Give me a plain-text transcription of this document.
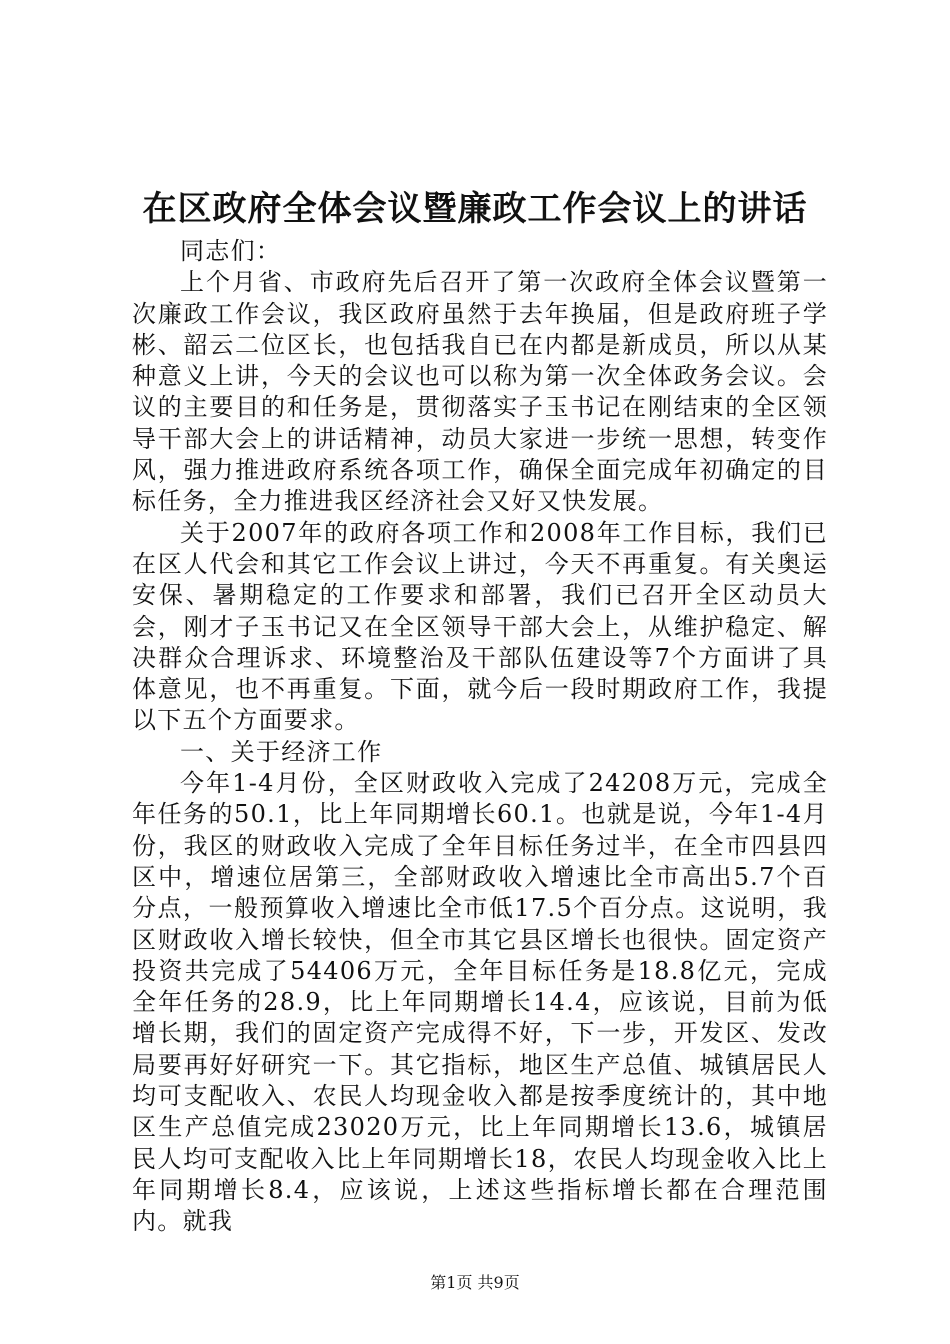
在区政府全体会议暨廉政工作会议上的讲话

同志们：

上个月省、市政府先后召开了第一次政府全体会议暨第一次廉政工作会议，我区政府虽然于去年换届，但是政府班子学彬、韶云二位区长，也包括我自已在内都是新成员，所以从某种意义上讲，今天的会议也可以称为第一次全体政务会议。会议的主要目的和任务是，贯彻落实子玉书记在刚结束的全区领导干部大会上的讲话精神，动员大家进一步统一思想，转变作风，强力推进政府系统各项工作，确保全面完成年初确定的目标任务，全力推进我区经济社会又好又快发展。

关于2007年的政府各项工作和2008年工作目标，我们已在区人代会和其它工作会议上讲过，今天不再重复。有关奥运安保、暑期稳定的工作要求和部署，我们已召开全区动员大会，刚才子玉书记又在全区领导干部大会上，从维护稳定、解决群众合理诉求、环境整治及干部队伍建设等7个方面讲了具体意见，也不再重复。下面，就今后一段时期政府工作，我提以下五个方面要求。

一、关于经济工作

今年1-4月份，全区财政收入完成了24208万元，完成全年任务的50.1，比上年同期增长60.1。也就是说，今年1-4月份，我区的财政收入完成了全年目标任务过半，在全市四县四区中，增速位居第三，全部财政收入增速比全市高出5.7个百分点，一般预算收入增速比全市低17.5个百分点。这说明，我区财政收入增长较快，但全市其它县区增长也很快。固定资产投资共完成了54406万元，全年目标任务是18.8亿元，完成全年任务的28.9，比上年同期增长14.4，应该说，目前为低增长期，我们的固定资产完成得不好，下一步，开发区、发改局要再好好研究一下。其它指标，地区生产总值、城镇居民人均可支配收入、农民人均现金收入都是按季度统计的，其中地区生产总值完成23020万元，比上年同期增长13.6，城镇居民人均可支配收入比上年同期增长18，农民人均现金收入比上年同期增长8.4，应该说，上述这些指标增长都在合理范围内。就我

第1页 共9页
